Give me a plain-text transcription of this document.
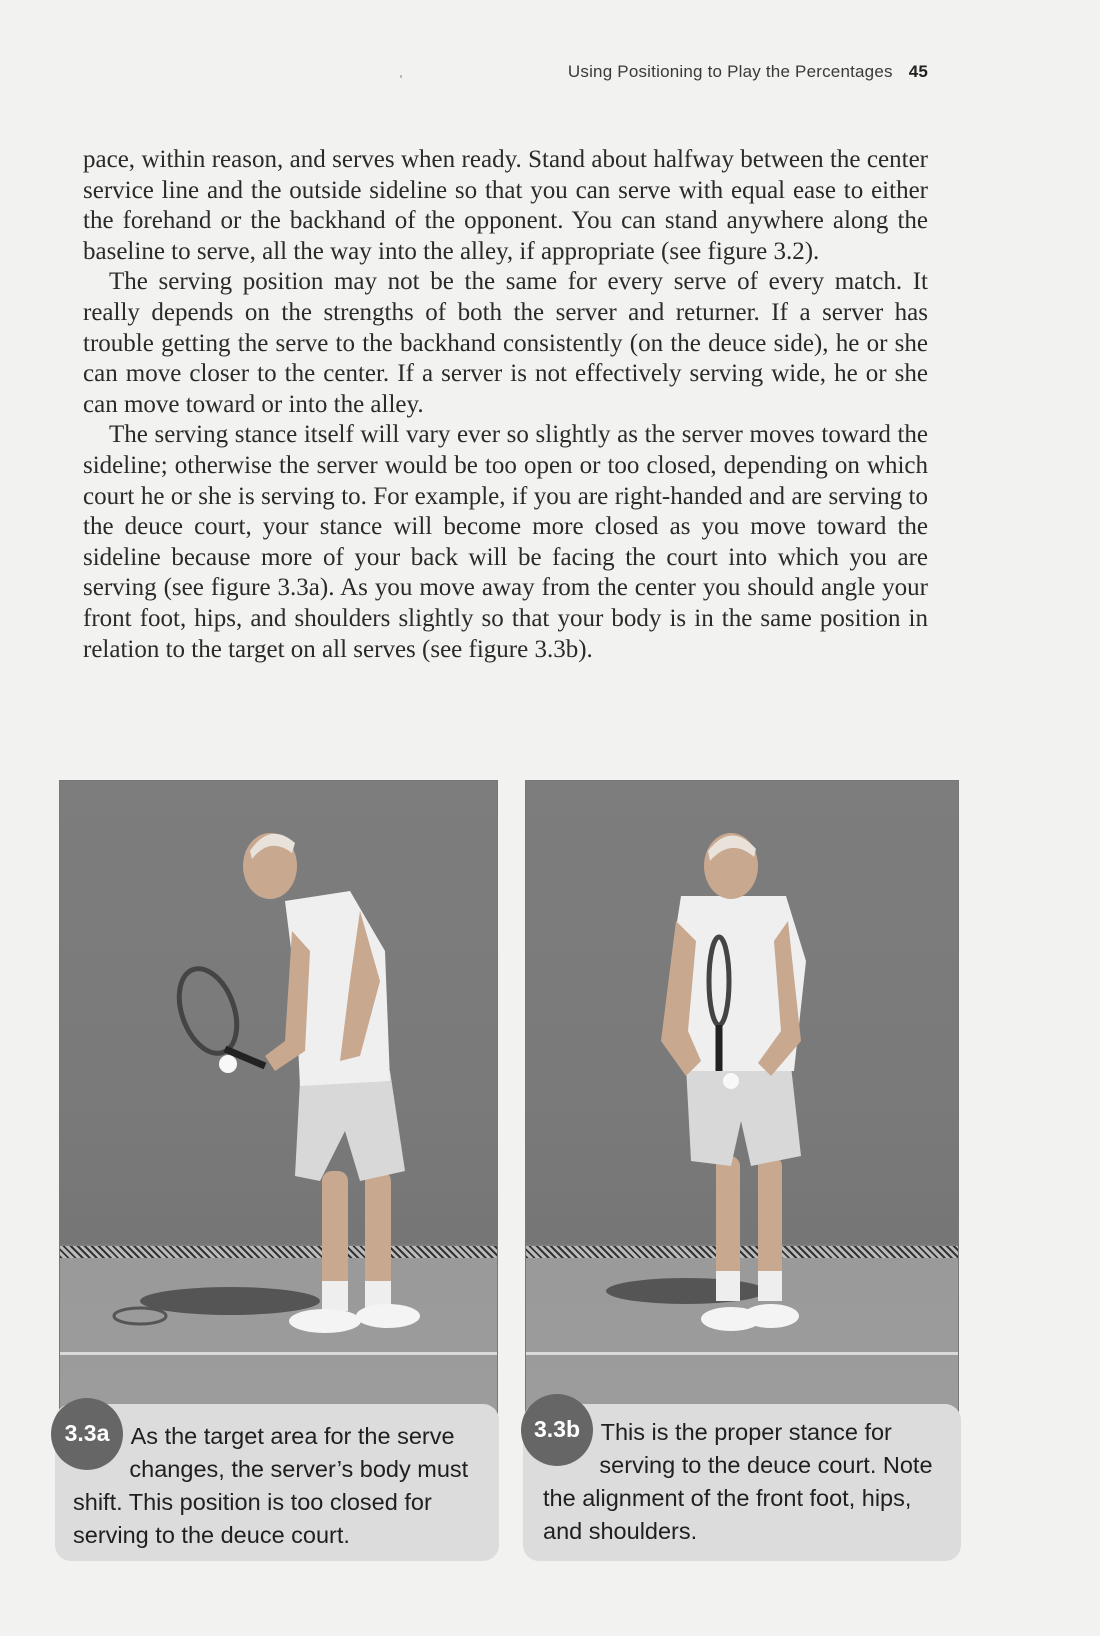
Using Positioning to Play the Percentages 45

pace, within reason, and serves when ready. Stand about halfway between the center service line and the outside sideline so that you can serve with equal ease to either the forehand or the backhand of the opponent. You can stand anywhere along the baseline to serve, all the way into the alley, if appropriate (see figure 3.2).

The serving position may not be the same for every serve of every match. It really depends on the strengths of both the server and returner. If a server has trouble getting the serve to the backhand consistently (on the deuce side), he or she can move closer to the center. If a server is not effectively serving wide, he or she can move toward or into the alley.

The serving stance itself will vary ever so slightly as the server moves toward the sideline; otherwise the server would be too open or too closed, depending on which court he or she is serving to. For example, if you are right-handed and are serving to the deuce court, your stance will become more closed as you move toward the sideline because more of your back will be facing the court into which you are serving (see figure 3.3a). As you move away from the center you should angle your front foot, hips, and shoulders slightly so that your body is in the same position in relation to the target on all serves (see figure 3.3b).

3.3a As the target area for the serve changes, the server’s body must shift. This position is too closed for serving to the deuce court.
3.3b This is the proper stance for serving to the deuce court. Note the alignment of the front foot, hips, and shoulders.
